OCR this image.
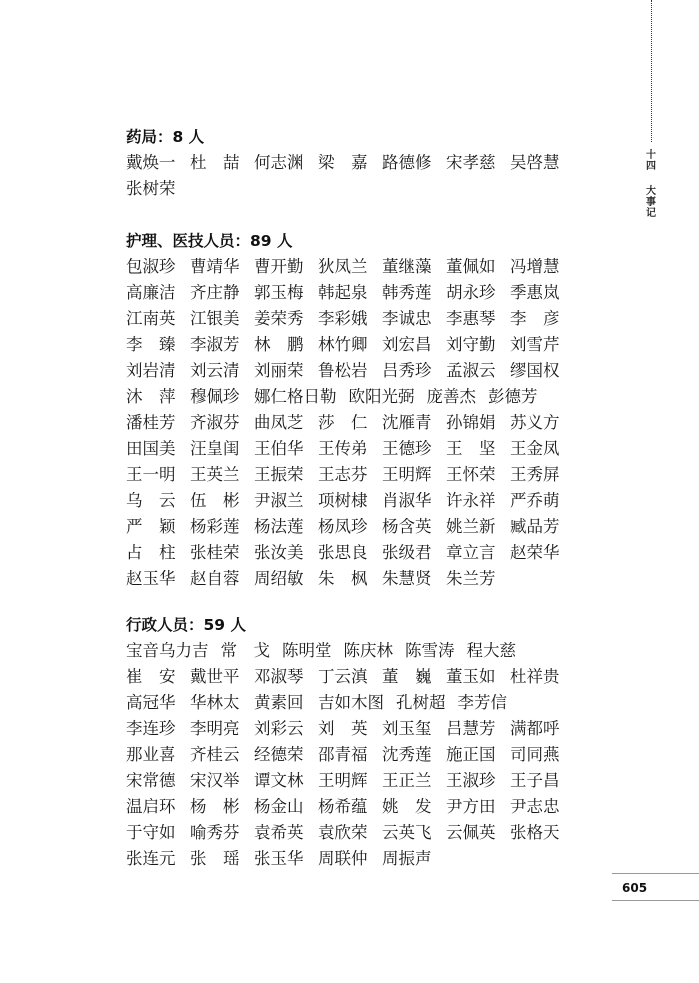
十
四
大
事
记
605
药局：8 人
戴焕一 杜　喆 何志渊 梁　嘉 路德修 宋孝慈 吴啓慧
张树荣
护理、医技人员：89 人
包淑珍 曹靖华 曹开勤 狄凤兰 董继藻 董佩如 冯增慧
高廉洁 齐庄静 郭玉梅 韩起泉 韩秀莲 胡永珍 季惠岚
江南英 江银美 姜荣秀 李彩娥 李诚忠 李惠琴 李　彦
李　臻 李淑芳 林　鹏 林竹卿 刘宏昌 刘守勤 刘雪芹
刘岩清 刘云清 刘丽荣 鲁松岩 吕秀珍 孟淑云 缪国权
沐　萍 穆佩珍 娜仁格日勒 欧阳光弼 庞善杰 彭德芳
潘桂芳 齐淑芬 曲凤芝 莎　仁 沈雁青 孙锦娟 苏义方
田国美 汪皇闺 王伯华 王传弟 王德珍 王　坚 王金凤
王一明 王英兰 王振荣 王志芬 王明辉 王怀荣 王秀屏
乌　云 伍　彬 尹淑兰 项树棣 肖淑华 许永祥 严乔萌
严　颖 杨彩莲 杨法莲 杨凤珍 杨含英 姚兰新 臧品芳
占　柱 张桂荣 张汝美 张思良 张级君 章立言 赵荣华
赵玉华 赵自蓉 周绍敏 朱　枫 朱慧贤 朱兰芳
行政人员：59 人
宝音乌力吉 常　戈 陈明堂 陈庆林 陈雪涛 程大慈
崔　安 戴世平 邓淑琴 丁云滇 董　巍 董玉如 杜祥贵
高冠华 华林太 黄素回 吉如木图 孔树超 李芳信
李连珍 李明亮 刘彩云 刘　英 刘玉玺 吕慧芳 满都呼
那业喜 齐桂云 经德荣 邵青福 沈秀莲 施正国 司同燕
宋常德 宋汉举 谭文林 王明辉 王正兰 王淑珍 王子昌
温启环 杨　彬 杨金山 杨希蕴 姚　发 尹方田 尹志忠
于守如 喻秀芬 袁希英 袁欣荣 云英飞 云佩英 张格天
张连元 张　瑶 张玉华 周联仲 周振声
